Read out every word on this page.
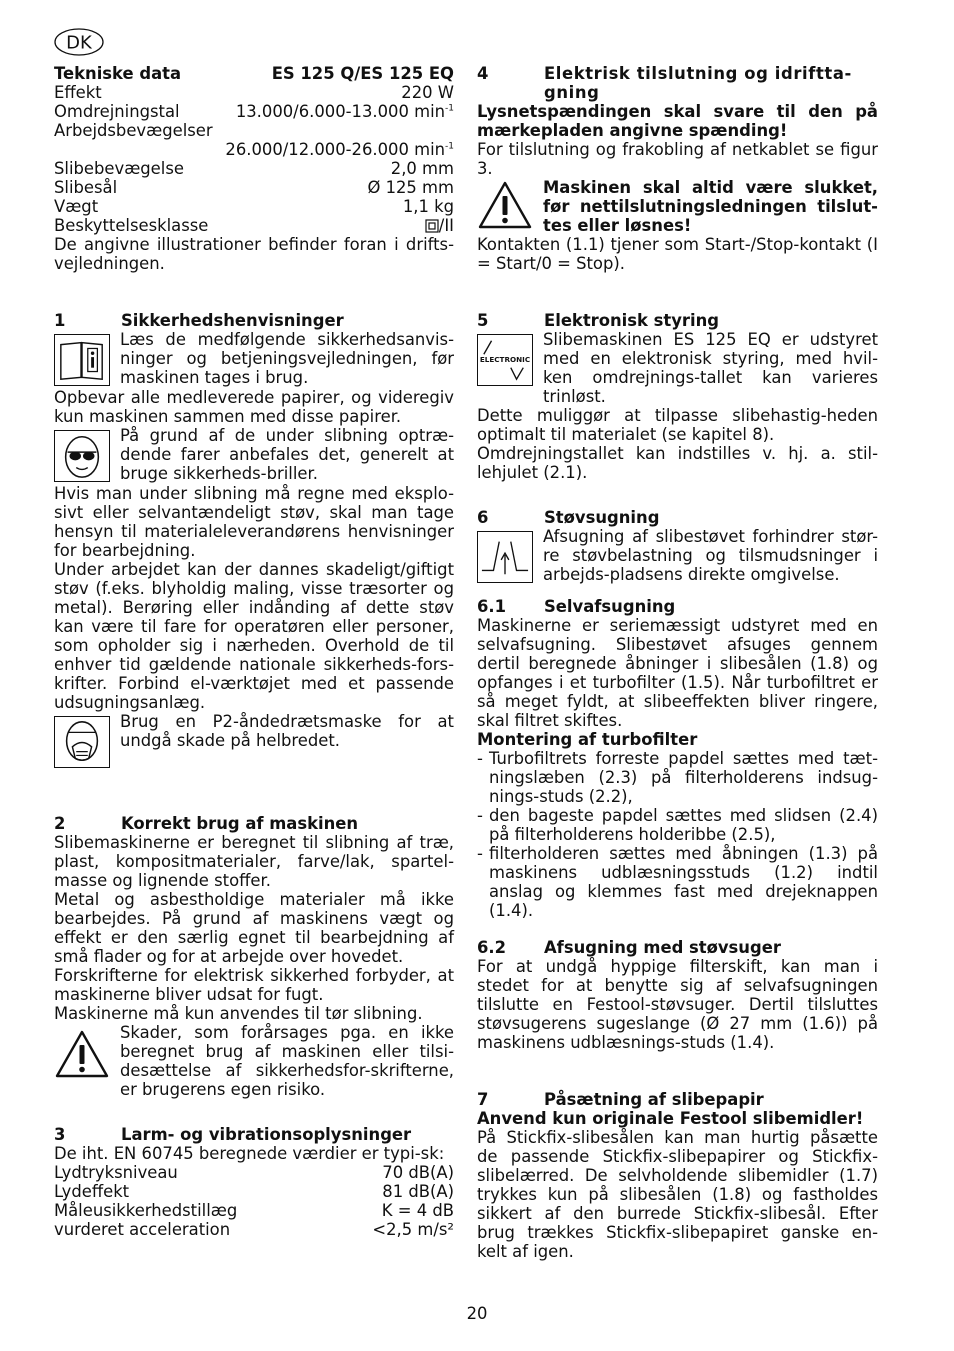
DK
Tekniske data	ES 125 Q/ES 125 EQ
Effekt	220 W
Omdrejningstal	13.000/6.000-13.000 $\min^{-1}$
Arbejdsbevægelser
26.000/12.000-26.000 $\min^{-1}$
Slibebevægelse	2,0 mm
Slibesål	Ø 125 mm
Vægt	1,1 kg
Beskyttelsesklasse	/II

De angivne illustrationer befinder foran i drifts-vejledningen.

1	Sikkerhedshenvisninger

Læs de medfølgende sikkerhedsanvis-ninger og betjeningsvejledningen, før maskinen tages i brug.

Opbevar alle medleverede papirer, og videregiv kun maskinen sammen med disse papirer.

På grund af de under slibning optræ-dende farer anbefales det, generelt at bruge sikkerheds-briller.

Hvis man under slibning må regne med eksplo-sivt eller selvantændeligt støv, skal man tage hensyn til materialeleverandørens henvisninger for bearbejdning.

Under arbejdet kan der dannes skadeligt/giftigt støv (f.eks. blyholdig maling, visse træsorter og metal). Berøring eller indånding af dette støv kan være til fare for operatøren eller personer, som opholder sig i nærheden. Overhold de til enhver tid gældende nationale sikkerheds-fors-krifter. Forbind el-værktøjet med et passende udsugningsanlæg.

Brug en P2-åndedrætsmaske for at undgå skade på helbredet.

2	Korrekt brug af maskinen

Slibemaskinerne er beregnet til slibning af træ, plast, kompositmaterialer, farve/lak, spartel-masse og lignende stoffer.

Metal og asbestholdige materialer må ikke bearbejdes. På grund af maskinens vægt og effekt er den særlig egnet til bearbejdning af små flader og for at arbejde over hovedet.

Forskrifterne for elektrisk sikkerhed forbyder, at maskinerne bliver udsat for fugt.

Maskinerne må kun anvendes til tør slibning.

Skader, som forårsages pga. en ikke beregnet brug af maskinen eller tilsi-desættelse af sikkerhedsfor-skrifterne, er brugerens egen risiko.

3	Larm- og vibrationsoplysninger

De iht. EN 60745 beregnede værdier er typi-sk:

Lydtryksniveau	70 dB(A)
Lydeffekt	81 dB(A)
Måleusikkerhedstillæg	K = 4 dB
vurderet acceleration	<2,5 m/s²
4	Elektrisk tilslutning og idriftta-gning

Lysnetspændingen skal svare til den på mærkepladen angivne spænding!

For tilslutning og frakobling af netkablet se figur 3.

Maskinen skal altid være slukket, før nettilslutningsledningen tilslut-tes eller løsnes!

Kontakten (1.1) tjener som Start-/Stop-kontakt (I = Start/0 = Stop).

5	Elektronisk styring
ELECTRONIC

Slibemaskinen ES 125 EQ er udstyret med en elektronisk styring, med hvil-ken omdrejnings-tallet kan varieres trinløst.

Dette muliggør at tilpasse slibehastig-heden optimalt til materialet (se kapitel 8).

Omdrejningstallet kan indstilles v. hj. a. stil-lehjulet (2.1).

6	Støvsugning

Afsugning af slibestøvet forhindrer stør-re støvbelastning og tilsmudsninger i arbejds-pladsens direkte omgivelse.

6.1	Selvafsugning

Maskinerne er seriemæssigt udstyret med en selvafsugning. Slibestøvet afsuges gennem dertil beregnede åbninger i slibesålen (1.8) og opfanges i et turbofilter (1.5). Når turbofiltret er så meget fyldt, at slibeeffekten bliver ringere, skal filtret skiftes.

Montering af turbofilter
- Turbofiltrets forreste papdel sættes med tæt-ningslæben (2.3) på filterholderens indsug-nings-studs (2.2),
- den bageste papdel sættes med slidsen (2.4) på filterholderens holderibbe (2.5),
- filterholderen sættes med åbningen (1.3) på maskinens udblæsningsstuds (1.2) indtil anslag og klemmes fast med drejeknappen (1.4).
6.2	Afsugning med støvsuger

For at undgå hyppige filterskift, kan man i stedet for at benytte sig af selvafsugningen tilslutte en Festool-støvsuger. Dertil tilsluttes støvsugerens sugeslange (Ø 27 mm (1.6)) på maskinens udblæsnings-studs (1.4).

7	Påsætning af slibepapir

Anvend kun originale Festool slibemidler!

På Stickfix-slibesålen kan man hurtig påsætte de passende Stickfix-slibepapirer og Stickfix-slibelærred. De selvholdende slibemidler (1.7) trykkes kun på slibesålen (1.8) og fastholdes sikkert af den burrede Stickfix-slibesål. Efter brug trækkes Stickfix-slibepapiret ganske en-kelt af igen.

20
